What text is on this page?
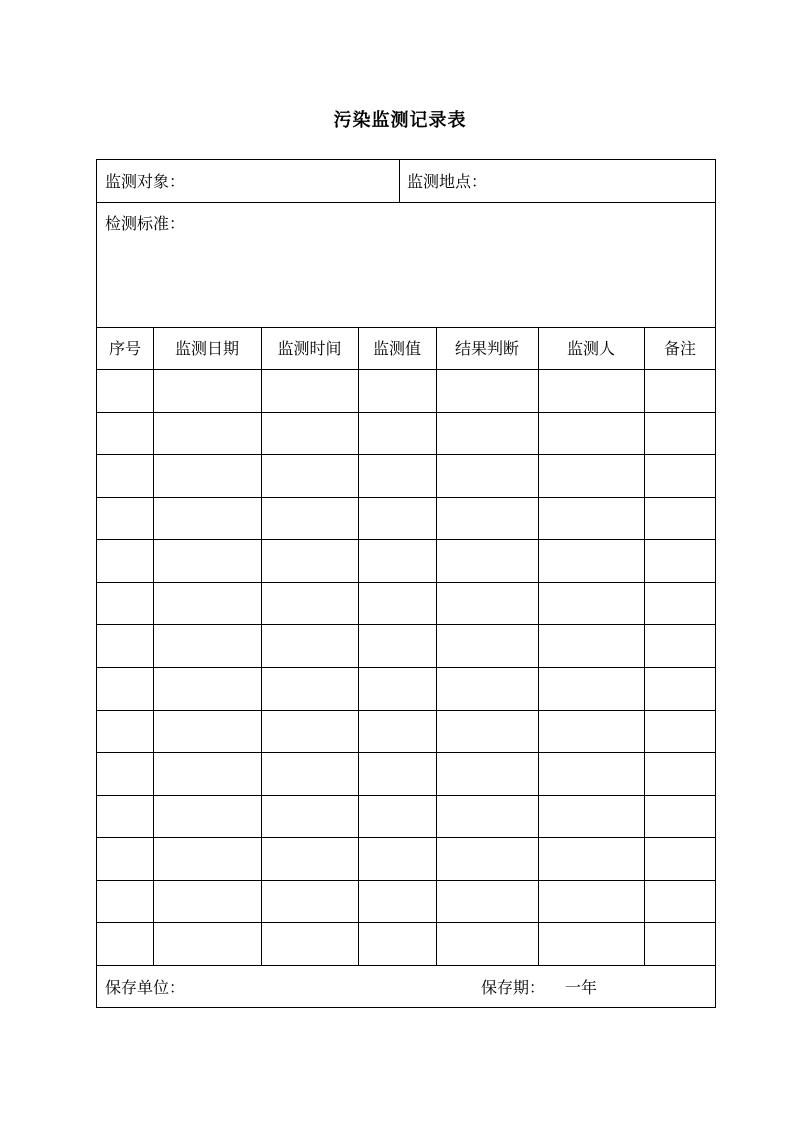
污染监测记录表
监测对象：	监测地点：
检测标准：
序号	监测日期	监测时间	监测值	结果判断	监测人	备注
保存单位：	保存期： 一年
